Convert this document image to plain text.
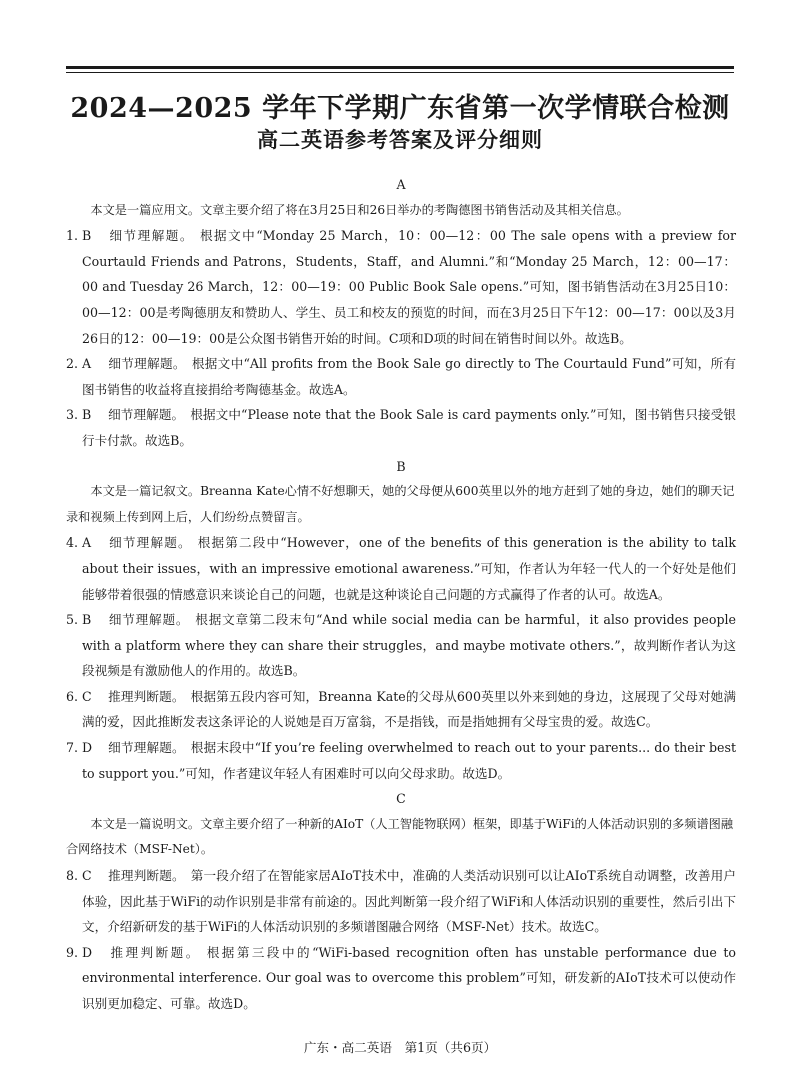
2024—2025 学年下学期广东省第一次学情联合检测
高二英语参考答案及评分细则

A

本文是一篇应用文。文章主要介绍了将在3月25日和26日举办的考陶德图书销售活动及其相关信息。

1. B 细节理解题。 根据文中“Monday 25 March，10：00—12：00 The sale opens with a preview for Courtauld Friends and Patrons，Students，Staff，and Alumni.”和“Monday 25 March，12：00—17：00 and Tuesday 26 March，12：00—19：00 Public Book Sale opens.”可知，图书销售活动在3月25日10：00—12：00是考陶德朋友和赞助人、学生、员工和校友的预览的时间，而在3月25日下午12：00—17：00以及3月26日的12：00—19：00是公众图书销售开始的时间。C项和D项的时间在销售时间以外。故选B。

2. A 细节理解题。 根据文中“All profits from the Book Sale go directly to The Courtauld Fund”可知，所有图书销售的收益将直接捐给考陶德基金。故选A。

3. B 细节理解题。 根据文中“Please note that the Book Sale is card payments only.”可知，图书销售只接受银行卡付款。故选B。

B

本文是一篇记叙文。Breanna Kate心情不好想聊天，她的父母便从600英里以外的地方赶到了她的身边，她们的聊天记录和视频上传到网上后，人们纷纷点赞留言。

4. A 细节理解题。 根据第二段中“However，one of the benefits of this generation is the ability to talk about their issues，with an impressive emotional awareness.”可知，作者认为年轻一代人的一个好处是他们能够带着很强的情感意识来谈论自己的问题，也就是这种谈论自己问题的方式赢得了作者的认可。故选A。

5. B 细节理解题。 根据文章第二段末句“And while social media can be harmful，it also provides people with a platform where they can share their struggles，and maybe motivate others.”，故判断作者认为这段视频是有激励他人的作用的。故选B。

6. C 推理判断题。 根据第五段内容可知，Breanna Kate的父母从600英里以外来到她的身边，这展现了父母对她满满的爱，因此推断发表这条评论的人说她是百万富翁，不是指钱，而是指她拥有父母宝贵的爱。故选C。

7. D 细节理解题。 根据末段中“If you’re feeling overwhelmed to reach out to your parents... do their best to support you.”可知，作者建议年轻人有困难时可以向父母求助。故选D。

C

本文是一篇说明文。文章主要介绍了一种新的AIoT（人工智能物联网）框架，即基于WiFi的人体活动识别的多频谱图融合网络技术（MSF-Net）。

8. C 推理判断题。 第一段介绍了在智能家居AIoT技术中，准确的人类活动识别可以让AIoT系统自动调整，改善用户体验，因此基于WiFi的动作识别是非常有前途的。因此判断第一段介绍了WiFi和人体活动识别的重要性，然后引出下文，介绍新研发的基于WiFi的人体活动识别的多频谱图融合网络（MSF-Net）技术。故选C。

9. D 推理判断题。 根据第三段中的“WiFi-based recognition often has unstable performance due to environmental interference. Our goal was to overcome this problem”可知，研发新的AIoT技术可以使动作识别更加稳定、可靠。故选D。

广东・高二英语　第1页（共6页）
